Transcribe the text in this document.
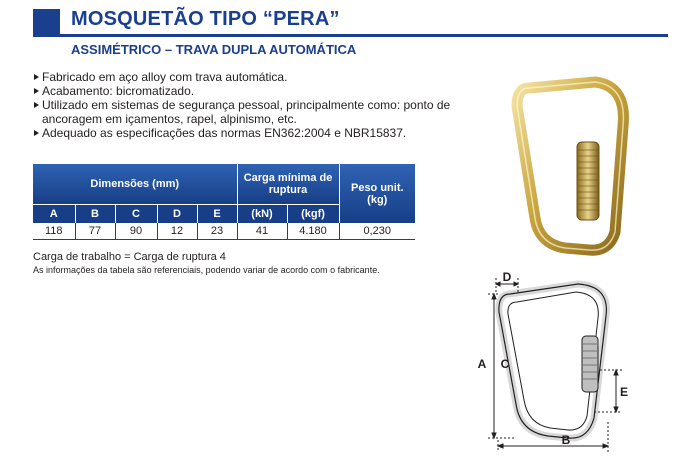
MOSQUETÃO TIPO “PERA”
ASSIMÉTRICO – TRAVA DUPLA AUTOMÁTICA
Fabricado em aço alloy com trava automática.
Acabamento: bicromatizado.
Utilizado em sistemas de segurança pessoal, principalmente como: ponto de ancoragem em içamentos, rapel, alpinismo, etc.
Adequado as especificações das normas EN362:2004 e NBR15837.
Dimensões (mm)					Carga mínima de ruptura		Peso unit. (kg)
A	B	C	D	E	(kN)	(kgf)	
118	77	90	12	23	41	4.180	0,230
Carga de trabalho = Carga de ruptura 4
As informações da tabela são referenciais, podendo variar de acordo com o fabricante.	D
A C
B
E
